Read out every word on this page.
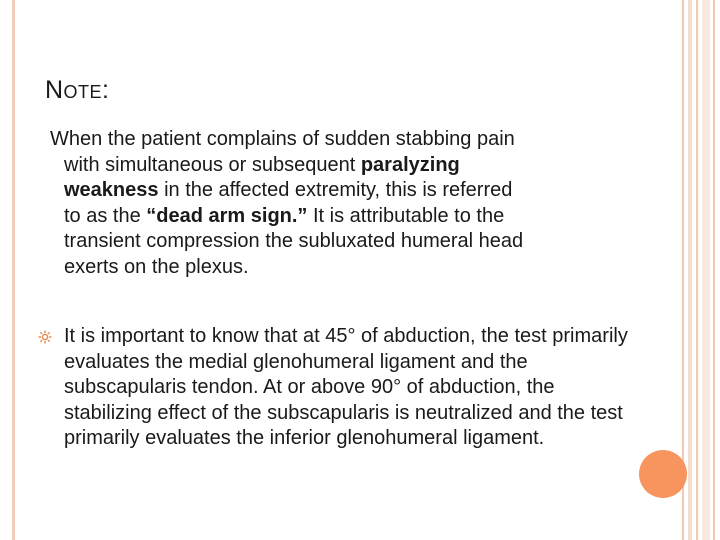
Note:

When the patient complains of sudden stabbing pain
with simultaneous or subsequent paralyzing
weakness in the affected extremity, this is referred
to as the “dead arm sign.” It is attributable to the
transient compression the subluxated humeral head
exerts on the plexus.

It is important to know that at 45° of abduction, the test primarily evaluates the medial glenohumeral ligament and the subscapularis tendon. At or above 90° of abduction, the stabilizing effect of the subscapularis is neutralized and the test primarily evaluates the inferior glenohumeral ligament.
